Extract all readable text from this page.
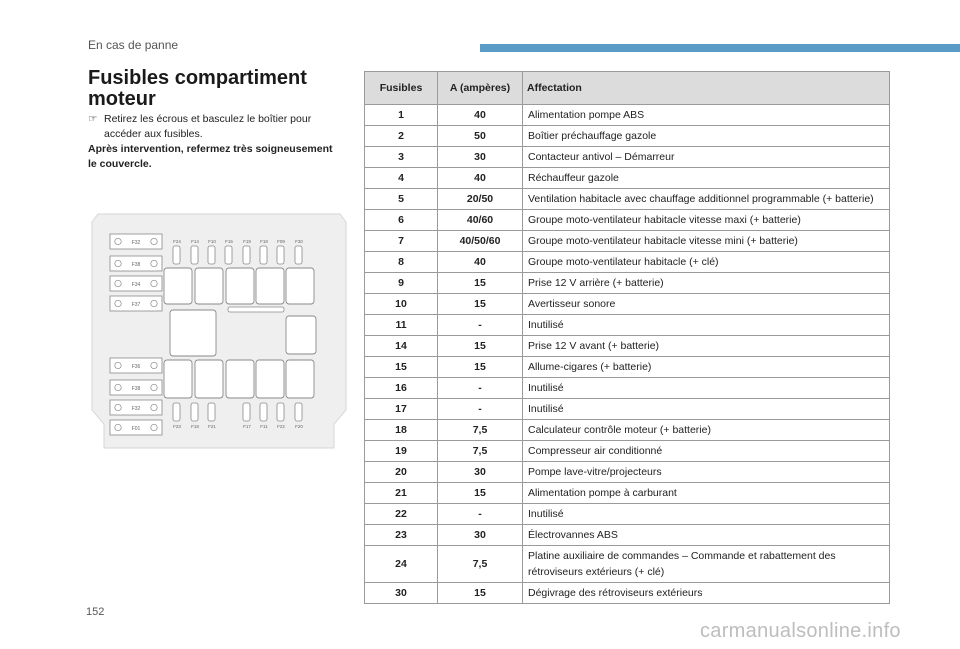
En cas de panne
Fusibles compartiment moteur
☞ Retirez les écrous et basculez le boîtier pour accéder aux fusibles.
Après intervention, refermez très soigneusement le couvercle.
F32
F38
F34
F37
F36
F38
F32
F01
F24 F14 F10 F15 F19 F18 F09 F30
F23 F18 F21	F17 F11 F22 F20
Fusibles	A (ampères)	Affectation
1	40	Alimentation pompe ABS
2	50	Boîtier préchauffage gazole
3	30	Contacteur antivol – Démarreur
4	40	Réchauffeur gazole
5	20/50	Ventilation habitacle avec chauffage additionnel programmable (+ batterie)
6	40/60	Groupe moto-ventilateur habitacle vitesse maxi (+ batterie)
7	40/50/60	Groupe moto-ventilateur habitacle vitesse mini (+ batterie)
8	40	Groupe moto-ventilateur habitacle (+ clé)
9	15	Prise 12 V arrière (+ batterie)
10	15	Avertisseur sonore
11	-	Inutilisé
14	15	Prise 12 V avant (+ batterie)
15	15	Allume-cigares (+ batterie)
16	-	Inutilisé
17	-	Inutilisé
18	7,5	Calculateur contrôle moteur (+ batterie)
19	7,5	Compresseur air conditionné
20	30	Pompe lave-vitre/projecteurs
21	15	Alimentation pompe à carburant
22	-	Inutilisé
23	30	Électrovannes ABS
24	7,5	Platine auxiliaire de commandes – Commande et rabattement des rétroviseurs extérieurs (+ clé)
30	15	Dégivrage des rétroviseurs extérieurs
152
carmanualsonline.info
